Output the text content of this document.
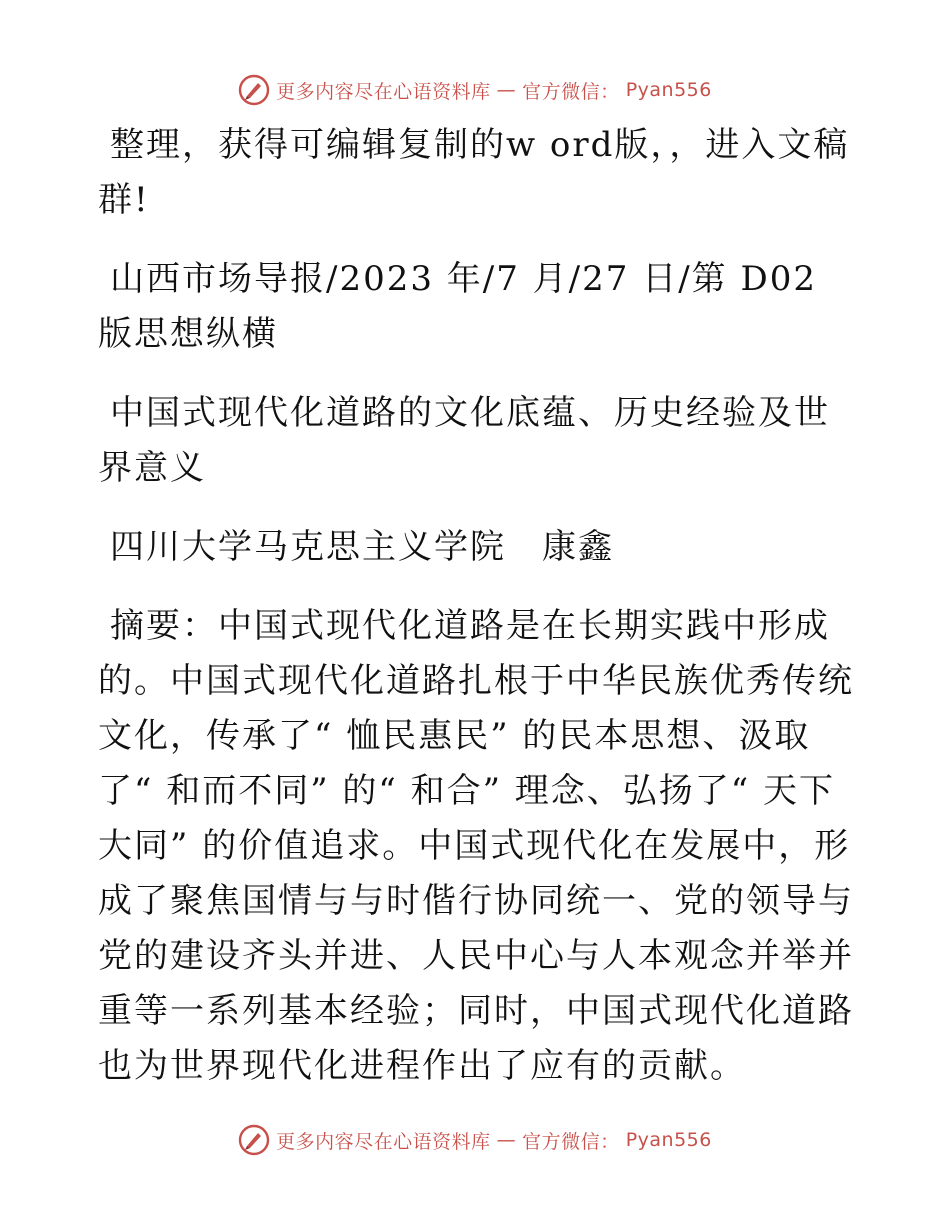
更多内容尽在心语资料库 — 官方微信： Pyan556

整理，获得可编辑复制的w ord版，，进入文稿群!

山西市场导报/2023 年/7 月/27 日/第 D02 版思想纵横

中国式现代化道路的文化底蕴、历史经验及世界意义

四川大学马克思主义学院　康鑫

摘要：中国式现代化道路是在长期实践中形成的。中国式现代化道路扎根于中华民族优秀传统文化，传承了“ 恤民惠民” 的民本思想、汲取了“ 和而不同” 的“ 和合” 理念、弘扬了“ 天下大同” 的价值追求。中国式现代化在发展中，形成了聚焦国情与与时偕行协同统一、党的领导与党的建设齐头并进、人民中心与人本观念并举并重等一系列基本经验；同时，中国式现代化道路也为世界现代化进程作出了应有的贡献。

更多内容尽在心语资料库 — 官方微信： Pyan556
